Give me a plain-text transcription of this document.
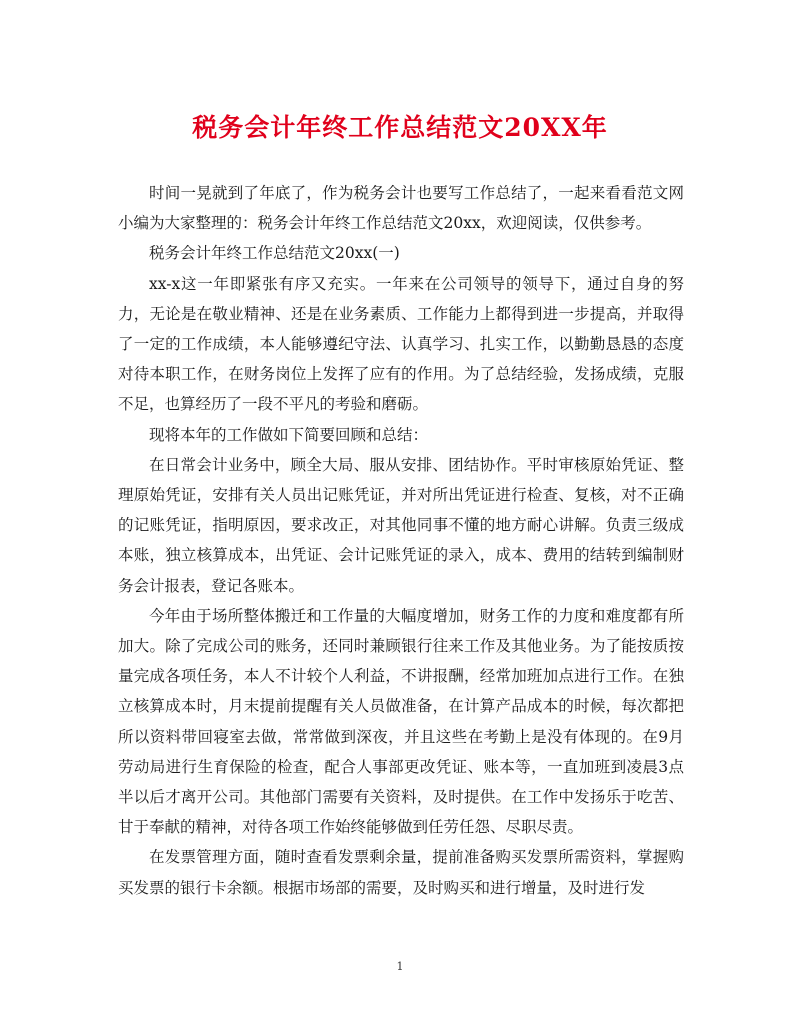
税务会计年终工作总结范文20XX年

时间一晃就到了年底了，作为税务会计也要写工作总结了，一起来看看范文网小编为大家整理的：税务会计年终工作总结范文20xx，欢迎阅读，仅供参考。

税务会计年终工作总结范文20xx(一)

xx-x这一年即紧张有序又充实。一年来在公司领导的领导下，通过自身的努力，无论是在敬业精神、还是在业务素质、工作能力上都得到进一步提高，并取得了一定的工作成绩，本人能够遵纪守法、认真学习、扎实工作，以勤勤恳恳的态度对待本职工作，在财务岗位上发挥了应有的作用。为了总结经验，发扬成绩，克服不足，也算经历了一段不平凡的考验和磨砺。

现将本年的工作做如下简要回顾和总结：

在日常会计业务中，顾全大局、服从安排、团结协作。平时审核原始凭证、整理原始凭证，安排有关人员出记账凭证，并对所出凭证进行检查、复核，对不正确的记账凭证，指明原因，要求改正，对其他同事不懂的地方耐心讲解。负责三级成本账，独立核算成本，出凭证、会计记账凭证的录入，成本、费用的结转到编制财务会计报表，登记各账本。

今年由于场所整体搬迁和工作量的大幅度增加，财务工作的力度和难度都有所加大。除了完成公司的账务，还同时兼顾银行往来工作及其他业务。为了能按质按量完成各项任务，本人不计较个人利益，不讲报酬，经常加班加点进行工作。在独立核算成本时，月末提前提醒有关人员做准备，在计算产品成本的时候，每次都把所以资料带回寝室去做，常常做到深夜，并且这些在考勤上是没有体现的。在9月劳动局进行生育保险的检查，配合人事部更改凭证、账本等，一直加班到凌晨3点半以后才离开公司。其他部门需要有关资料，及时提供。在工作中发扬乐于吃苦、甘于奉献的精神，对待各项工作始终能够做到任劳任怨、尽职尽责。

在发票管理方面，随时查看发票剩余量，提前准备购买发票所需资料，掌握购买发票的银行卡余额。根据市场部的需要，及时购买和进行增量，及时进行发

1
